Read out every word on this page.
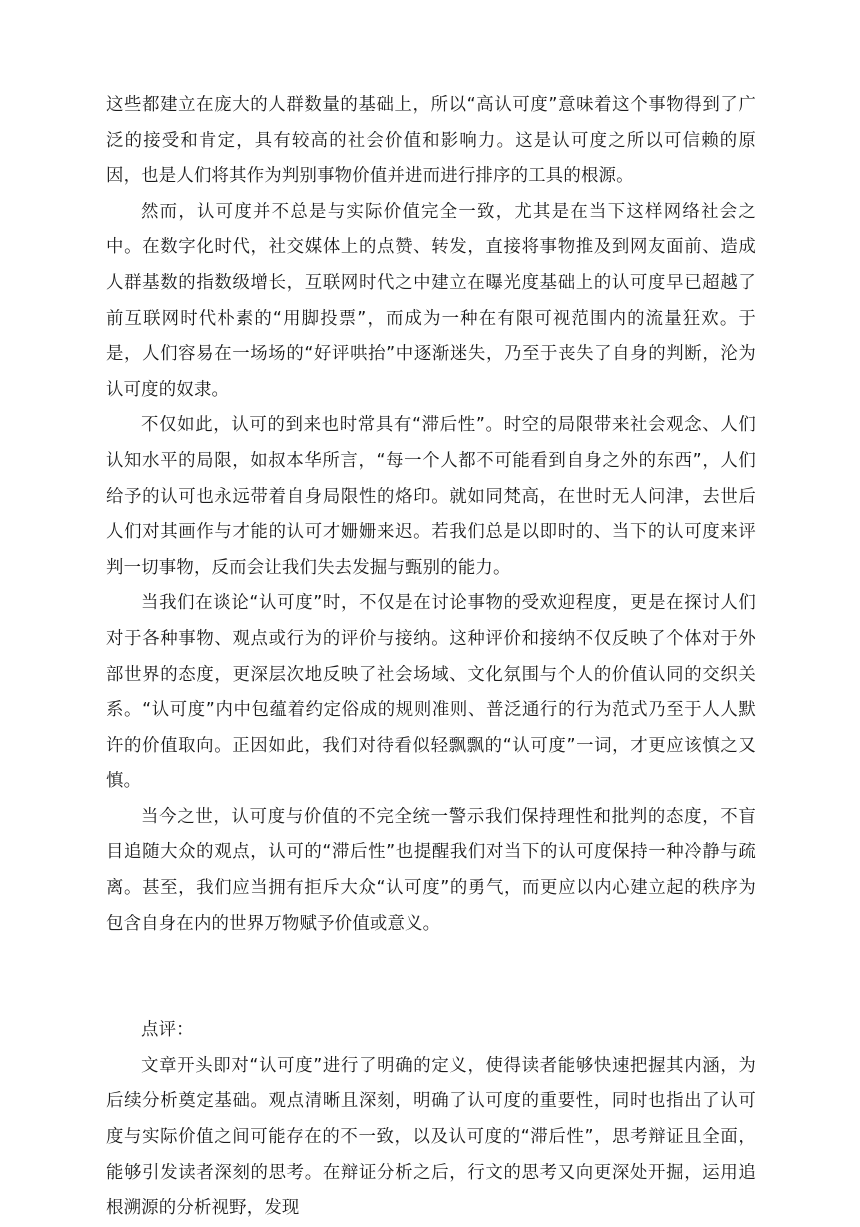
这些都建立在庞大的人群数量的基础上，所以“高认可度”意味着这个事物得到了广泛的接受和肯定，具有较高的社会价值和影响力。这是认可度之所以可信赖的原因，也是人们将其作为判别事物价值并进而进行排序的工具的根源。

然而，认可度并不总是与实际价值完全一致，尤其是在当下这样网络社会之中。在数字化时代，社交媒体上的点赞、转发，直接将事物推及到网友面前、造成人群基数的指数级增长，互联网时代之中建立在曝光度基础上的认可度早已超越了前互联网时代朴素的“用脚投票”，而成为一种在有限可视范围内的流量狂欢。于是，人们容易在一场场的“好评哄抬”中逐渐迷失，乃至于丧失了自身的判断，沦为认可度的奴隶。

不仅如此，认可的到来也时常具有“滞后性”。时空的局限带来社会观念、人们认知水平的局限，如叔本华所言，“每一个人都不可能看到自身之外的东西”，人们给予的认可也永远带着自身局限性的烙印。就如同梵高，在世时无人问津，去世后人们对其画作与才能的认可才姗姗来迟。若我们总是以即时的、当下的认可度来评判一切事物，反而会让我们失去发掘与甄别的能力。

当我们在谈论“认可度”时，不仅是在讨论事物的受欢迎程度，更是在探讨人们对于各种事物、观点或行为的评价与接纳。这种评价和接纳不仅反映了个体对于外部世界的态度，更深层次地反映了社会场域、文化氛围与个人的价值认同的交织关系。“认可度”内中包蕴着约定俗成的规则准则、普泛通行的行为范式乃至于人人默许的价值取向。正因如此，我们对待看似轻飘飘的“认可度”一词，才更应该慎之又慎。

当今之世，认可度与价值的不完全统一警示我们保持理性和批判的态度，不盲目追随大众的观点，认可的“滞后性”也提醒我们对当下的认可度保持一种冷静与疏离。甚至，我们应当拥有拒斥大众“认可度”的勇气，而更应以内心建立起的秩序为包含自身在内的世界万物赋予价值或意义。

点评：

文章开头即对“认可度”进行了明确的定义，使得读者能够快速把握其内涵，为后续分析奠定基础。观点清晰且深刻，明确了认可度的重要性，同时也指出了认可度与实际价值之间可能存在的不一致，以及认可度的“滞后性”，思考辩证且全面，能够引发读者深刻的思考。在辩证分析之后，行文的思考又向更深处开掘，运用追根溯源的分析视野，发现
